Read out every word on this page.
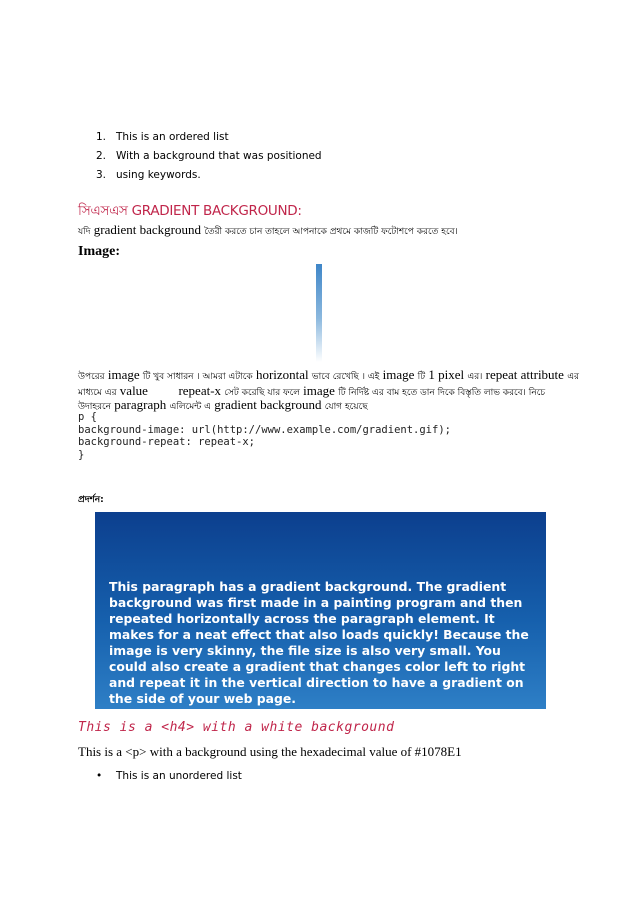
1. This is an ordered list
2. With a background that was positioned
3. using keywords.
সিএসএস GRADIENT BACKGROUND:
যদি gradient background তৈরী করতে চান তাহলে আপনাকে প্রথমে কাজটি ফটোশপে করতে হবে।
Image:
উপরের image টি খুব সাধারন । আমরা এটাকে horizontal ভাবে রেখেছি । এই image টি 1 pixel এর। repeat attribute এর
মাধ্যমে এর value repeat-x সেট করেছি যার ফলে image টি নির্দিষ্ট এর বাম হতে ডান দিকে বিস্তৃতি লাভ করবে। নিচে
উদাহরনে paragraph এলিমেন্ট এ gradient background যোগ হয়েছে
p {
background-image: url(http://www.example.com/gradient.gif);
background-repeat: repeat-x;
}
প্রদর্শন:
This paragraph has a gradient background. The gradient background was first made in a painting program and then repeated horizontally across the paragraph element. It makes for a neat effect that also loads quickly! Because the image is very skinny, the file size is also very small. You could also create a gradient that changes color left to right and repeat it in the vertical direction to have a gradient on the side of your web page.
This is a <h4> with a white background
This is a <p> with a background using the hexadecimal value of #1078E1
• This is an unordered list
